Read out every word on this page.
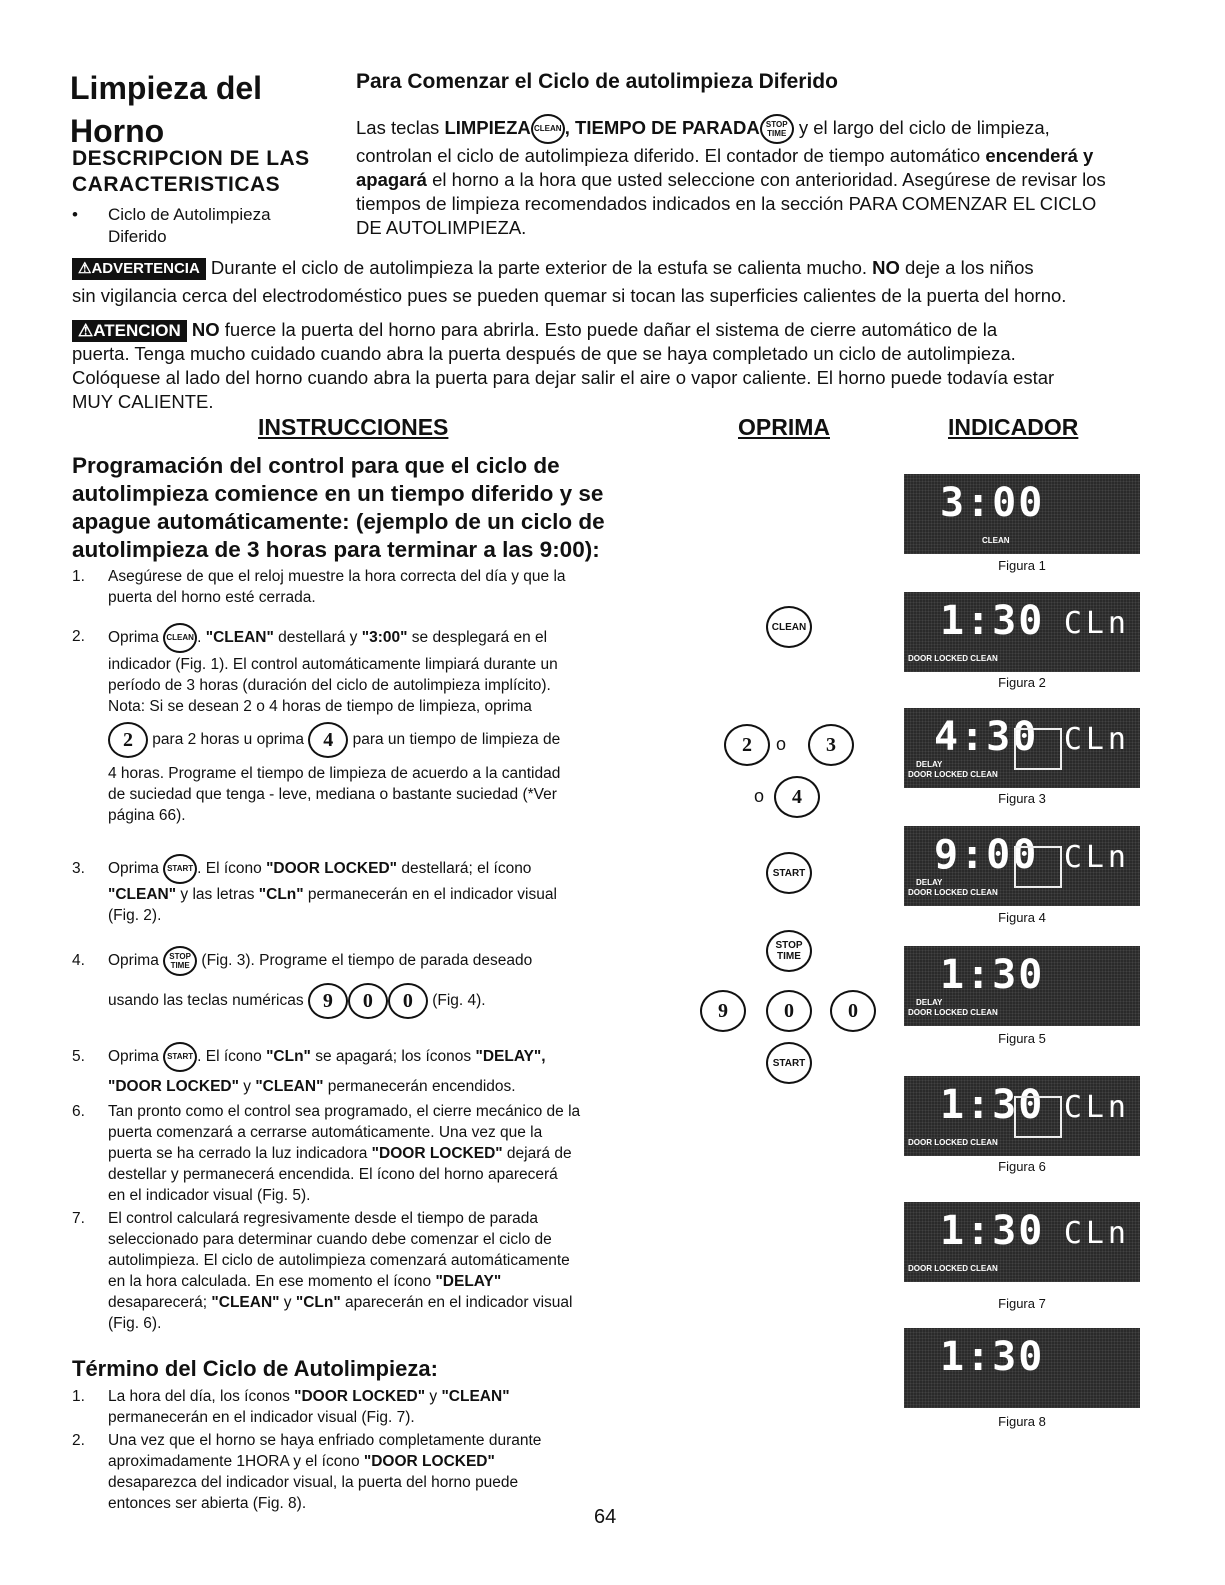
Limpieza del
Horno
DESCRIPCION DE LAS
CARACTERISTICAS
• Ciclo de Autolimpieza
Diferido
Para Comenzar el Ciclo de autolimpieza Diferido
Las teclas LIMPIEZA CLEAN , TIEMPO DE PARADA STOP
TIME y el largo del ciclo de limpieza,
controlan el ciclo de autolimpieza diferido. El contador de tiempo automático encenderá y
apagará el horno a la hora que usted seleccione con anterioridad. Asegúrese de revisar los
tiempos de limpieza recomendados indicados en la sección PARA COMENZAR EL CICLO
DE AUTOLIMPIEZA.
⚠ADVERTENCIA Durante el ciclo de autolimpieza la parte exterior de la estufa se calienta mucho. NO deje a los niños
sin vigilancia cerca del electrodoméstico pues se pueden quemar si tocan las superficies calientes de la puerta del horno.
⚠ATENCION NO fuerce la puerta del horno para abrirla. Esto puede dañar el sistema de cierre automático de la
puerta. Tenga mucho cuidado cuando abra la puerta después de que se haya completado un ciclo de autolimpieza.
Colóquese al lado del horno cuando abra la puerta para dejar salir el aire o vapor caliente. El horno puede todavía estar
MUY CALIENTE.
INSTRUCCIONES	OPRIMA	INDICADOR
Programación del control para que el ciclo de
autolimpieza comience en un tiempo diferido y se
apague automáticamente: (ejemplo de un ciclo de
autolimpieza de 3 horas para terminar a las 9:00):
1. Asegúrese de que el reloj muestre la hora correcta del día y que la
puerta del horno esté cerrada.
2. Oprima CLEAN . "CLEAN" destellará y "3:00" se desplegará en el
indicador (Fig. 1). El control automáticamente limpiará durante un
período de 3 horas (duración del ciclo de autolimpieza implícito).
Nota: Si se desean 2 o 4 horas de tiempo de limpieza, oprima
2 para 2 horas u oprima 4 para un tiempo de limpieza de
4 horas. Programe el tiempo de limpieza de acuerdo a la cantidad
de suciedad que tenga - leve, mediana o bastante suciedad (*Ver
página 66).
3. Oprima START . El ícono "DOOR LOCKED" destellará; el ícono
"CLEAN" y las letras "CLn" permanecerán en el indicador visual
(Fig. 2).
4. Oprima STOP
TIME (Fig. 3). Programe el tiempo de parada deseado
usando las teclas numéricas 9 0 0 (Fig. 4).
5. Oprima START . El ícono "CLn" se apagará; los íconos "DELAY",
"DOOR LOCKED" y "CLEAN" permanecerán encendidos.
6. Tan pronto como el control sea programado, el cierre mecánico de la
puerta comenzará a cerrarse automáticamente. Una vez que la
puerta se ha cerrado la luz indicadora "DOOR LOCKED" dejará de
destellar y permanecerá encendida. El ícono del horno aparecerá
en el indicador visual (Fig. 5).
7. El control calculará regresivamente desde el tiempo de parada
seleccionado para determinar cuando debe comenzar el ciclo de
autolimpieza. El ciclo de autolimpieza comenzará automáticamente
en la hora calculada. En ese momento el ícono "DELAY"
desaparecerá; "CLEAN" y "CLn" aparecerán en el indicador visual
(Fig. 6).
Término del Ciclo de Autolimpieza:
1. La hora del día, los íconos "DOOR LOCKED" y "CLEAN"
permanecerán en el indicador visual (Fig. 7).
2. Una vez que el horno se haya enfriado completamente durante
aproximadamente 1HORA y el ícono "DOOR LOCKED"
desaparezca del indicador visual, la puerta del horno puede
entonces ser abierta (Fig. 8).
CLEAN
2	o	3
o	4
START
STOP
TIME
9	0	0
START
3:00
CLEAN
Figura 1
1:30 CLn
DOOR LOCKED CLEAN
Figura 2
4:30 CLn
DELAY
DOOR LOCKED CLEAN
Figura 3
9:00 CLn
DELAY
DOOR LOCKED CLEAN
Figura 4
1:30
DELAY
DOOR LOCKED CLEAN
Figura 5
1:30 CLn
DOOR LOCKED CLEAN
Figura 6
1:30 CLn
DOOR LOCKED CLEAN
Figura 7
1:30
Figura 8
64
